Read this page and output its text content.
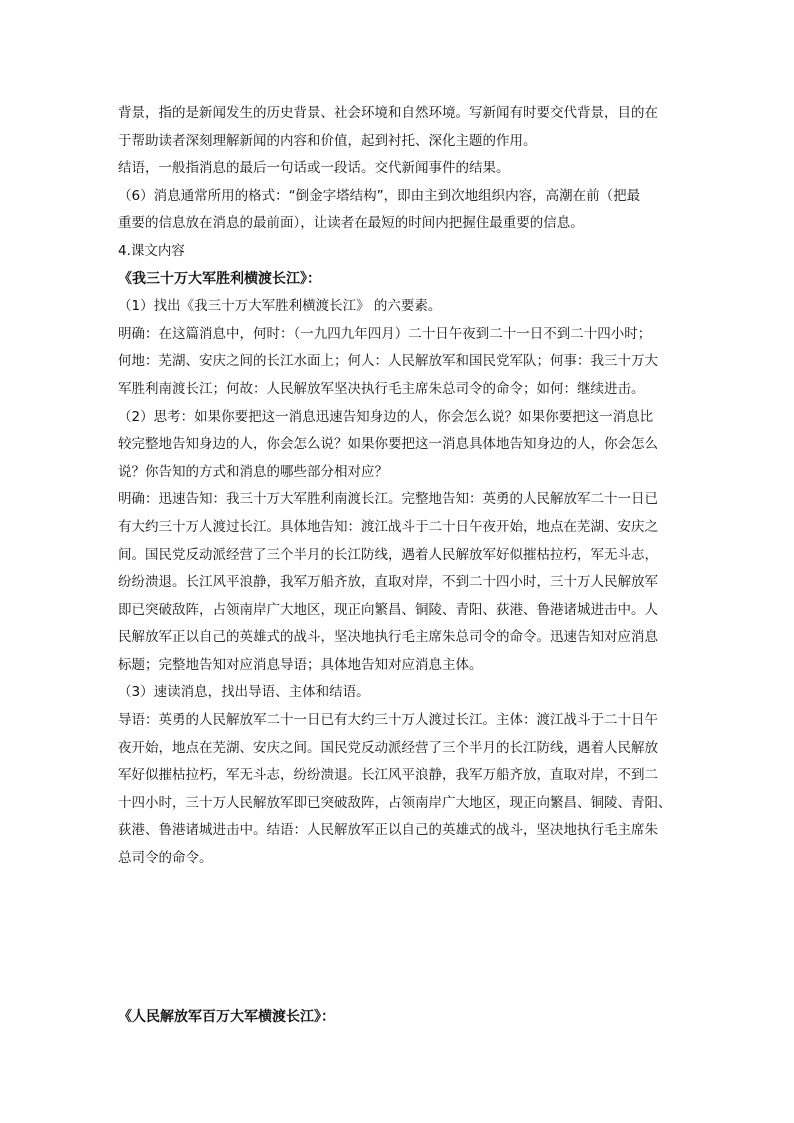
背景，指的是新闻发生的历史背景、社会环境和自然环境。写新闻有时要交代背景，目的在
于帮助读者深刻理解新闻的内容和价值，起到衬托、深化主题的作用。
结语，一般指消息的最后一句话或一段话。交代新闻事件的结果。
（6）消息通常所用的格式：“倒金字塔结构”，即由主到次地组织内容，高潮在前（把最
重要的信息放在消息的最前面），让读者在最短的时间内把握住最重要的信息。
4.课文内容
《我三十万大军胜利横渡长江》：
（1）找出《我三十万大军胜利横渡长江》 的六要素。
明确：在这篇消息中，何时：（一九四九年四月）二十日午夜到二十一日不到二十四小时；
何地：芜湖、安庆之间的长江水面上；何人：人民解放军和国民党军队；何事：我三十万大
军胜利南渡长江；何故：人民解放军坚决执行毛主席朱总司令的命令；如何：继续进击。
（2）思考：如果你要把这一消息迅速告知身边的人，你会怎么说？如果你要把这一消息比
较完整地告知身边的人，你会怎么说？如果你要把这一消息具体地告知身边的人，你会怎么
说？你告知的方式和消息的哪些部分相对应？
明确：迅速告知：我三十万大军胜利南渡长江。完整地告知：英勇的人民解放军二十一日已
有大约三十万人渡过长江。具体地告知：渡江战斗于二十日午夜开始，地点在芜湖、安庆之
间。国民党反动派经营了三个半月的长江防线，遇着人民解放军好似摧枯拉朽，军无斗志，
纷纷溃退。长江风平浪静，我军万船齐放，直取对岸，不到二十四小时，三十万人民解放军
即已突破敌阵，占领南岸广大地区，现正向繁昌、铜陵、青阳、荻港、鲁港诸城进击中。人
民解放军正以自己的英雄式的战斗，坚决地执行毛主席朱总司令的命令。迅速告知对应消息
标题；完整地告知对应消息导语；具体地告知对应消息主体。
（3）速读消息，找出导语、主体和结语。
导语：英勇的人民解放军二十一日已有大约三十万人渡过长江。主体：渡江战斗于二十日午
夜开始，地点在芜湖、安庆之间。国民党反动派经营了三个半月的长江防线，遇着人民解放
军好似摧枯拉朽，军无斗志，纷纷溃退。长江风平浪静，我军万船齐放，直取对岸，不到二
十四小时，三十万人民解放军即已突破敌阵，占领南岸广大地区，现正向繁昌、铜陵、青阳、
荻港、鲁港诸城进击中。结语：人民解放军正以自己的英雄式的战斗，坚决地执行毛主席朱
总司令的命令。
《人民解放军百万大军横渡长江》：
